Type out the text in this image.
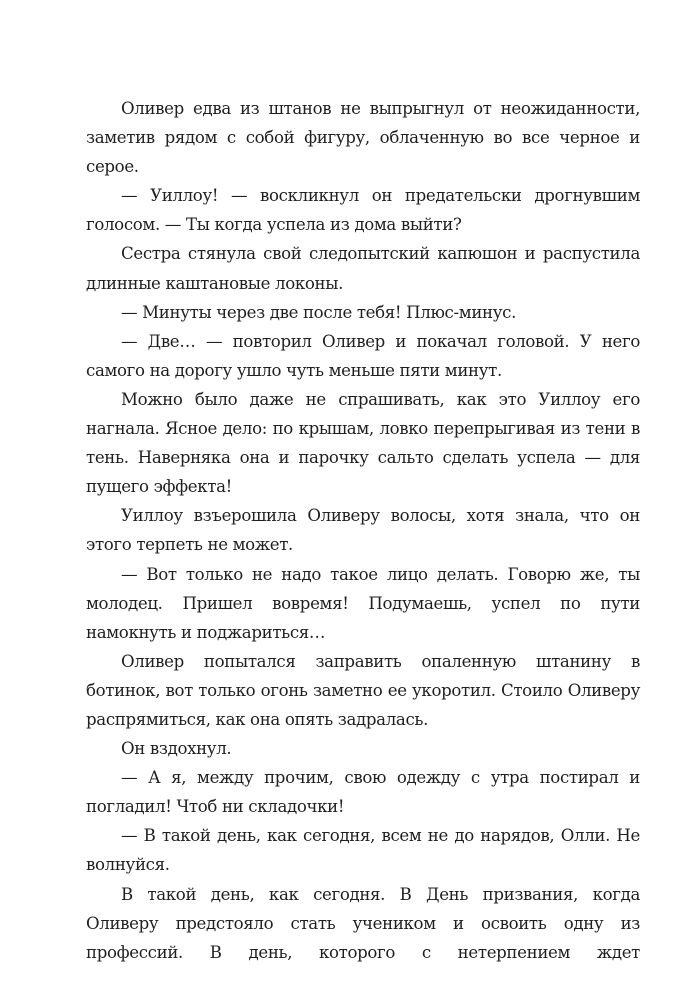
Оливер едва из штанов не выпрыгнул от неожиданности, заметив рядом с собой фигуру, облаченную во все черное и серое.

— Уиллоу! — воскликнул он предательски дрогнувшим голосом. — Ты когда успела из дома выйти?

Сестра стянула свой следопытский капюшон и распустила длинные каштановые локоны.

— Минуты через две после тебя! Плюс-минус.

— Две… — повторил Оливер и покачал головой. У него самого на дорогу ушло чуть меньше пяти минут.

Можно было даже не спрашивать, как это Уиллоу его нагнала. Ясное дело: по крышам, ловко перепрыгивая из тени в тень. Наверняка она и парочку сальто сделать успела — для пущего эффекта!

Уиллоу взъерошила Оливеру волосы, хотя знала, что он этого терпеть не может.

— Вот только не надо такое лицо делать. Говорю же, ты молодец. Пришел вовремя! Подумаешь, успел по пути намокнуть и поджариться…

Оливер попытался заправить опаленную штанину в ботинок, вот только огонь заметно ее укоротил. Стоило Оливеру распрямиться, как она опять задралась.

Он вздохнул.

— А я, между прочим, свою одежду с утра постирал и погладил! Чтоб ни складочки!

— В такой день, как сегодня, всем не до нарядов, Олли. Не волнуйся.

В такой день, как сегодня. В День призвания, когда Оливеру предстояло стать учеником и освоить одну из профессий. В день, которого с нетерпением ждет
